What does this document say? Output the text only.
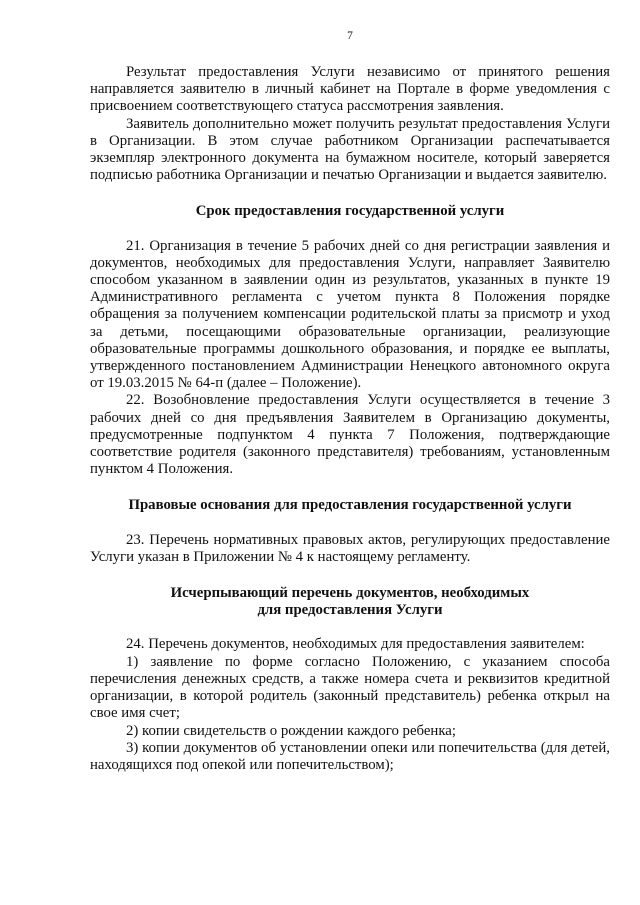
7

Результат предоставления Услуги независимо от принятого решения направляется заявителю в личный кабинет на Портале в форме уведомления с присвоением соответствующего статуса рассмотрения заявления.

Заявитель дополнительно может получить результат предоставления Услуги в Организации. В этом случае работником Организации распечатывается экземпляр электронного документа на бумажном носителе, который заверяется подписью работника Организации и печатью Организации и выдается заявителю.

Срок предоставления государственной услуги

21. Организация в течение 5 рабочих дней со дня регистрации заявления и документов, необходимых для предоставления Услуги, направляет Заявителю способом указанном в заявлении один из результатов, указанных в пункте 19 Административного регламента с учетом пункта 8 Положения порядке обращения за получением компенсации родительской платы за присмотр и уход за детьми, посещающими образовательные организации, реализующие образовательные программы дошкольного образования, и порядке ее выплаты, утвержденного постановлением Администрации Ненецкого автономного округа от 19.03.2015 № 64-п (далее – Положение).

22. Возобновление предоставления Услуги осуществляется в течение 3 рабочих дней со дня предъявления Заявителем в Организацию документы, предусмотренные подпунктом 4 пункта 7 Положения, подтверждающие соответствие родителя (законного представителя) требованиям, установленным пунктом 4 Положения.

Правовые основания для предоставления государственной услуги

23. Перечень нормативных правовых актов, регулирующих предоставление Услуги указан в Приложении № 4 к настоящему регламенту.

Исчерпывающий перечень документов, необходимых

для предоставления Услуги

24. Перечень документов, необходимых для предоставления заявителем:

1) заявление по форме согласно Положению, с указанием способа перечисления денежных средств, а также номера счета и реквизитов кредитной организации, в которой родитель (законный представитель) ребенка открыл на свое имя счет;

2) копии свидетельств о рождении каждого ребенка;

3) копии документов об установлении опеки или попечительства (для детей, находящихся под опекой или попечительством);
